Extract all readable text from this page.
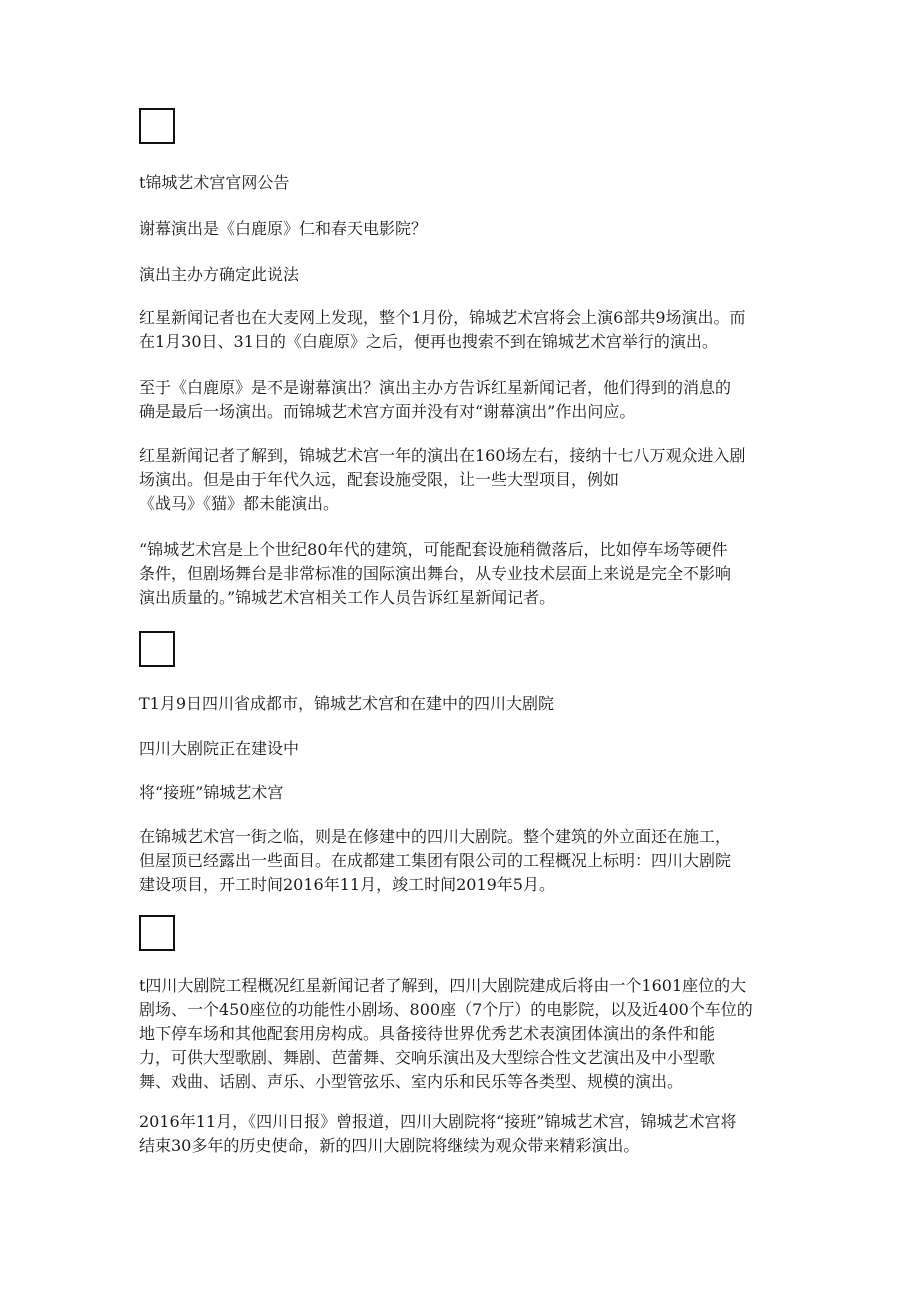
t锦城艺术宫官网公告
谢幕演出是《白鹿原》仁和春天电影院？
演出主办方确定此说法
红星新闻记者也在大麦网上发现，整个1月份，锦城艺术宫将会上演6部共9场演出。而
在1月30日、31日的《白鹿原》之后，便再也搜索不到在锦城艺术宫举行的演出。
至于《白鹿原》是不是谢幕演出？演出主办方告诉红星新闻记者，他们得到的消息的
确是最后一场演出。而锦城艺术宫方面并没有对“谢幕演出”作出问应。
红星新闻记者了解到，锦城艺术宫一年的演出在160场左右，接纳十七八万观众进入剧
场演出。但是由于年代久远，配套设施受限，让一些大型项目，例如
《战马》《猫》都未能演出。
“锦城艺术宫是上个世纪80年代的建筑，可能配套设施稍微落后，比如停车场等硬件
条件，但剧场舞台是非常标准的国际演出舞台，从专业技术层面上来说是完全不影响
演出质量的。”锦城艺术宫相关工作人员告诉红星新闻记者。
T1月9日四川省成都市，锦城艺术宫和在建中的四川大剧院
四川大剧院正在建设中
将“接班”锦城艺术宫
在锦城艺术宫一街之临，则是在修建中的四川大剧院。整个建筑的外立面还在施工，
但屋顶已经露出一些面目。在成都建工集团有限公司的工程概况上标明：四川大剧院
建设项目，开工时间2016年11月，竣工时间2019年5月。
t四川大剧院工程概况红星新闻记者了解到，四川大剧院建成后将由一个1601座位的大
剧场、一个450座位的功能性小剧场、800座（7个厅）的电影院，以及近400个车位的
地下停车场和其他配套用房构成。具备接待世界优秀艺术表演团体演出的条件和能
力，可供大型歌剧、舞剧、芭蕾舞、交响乐演出及大型综合性文艺演出及中小型歌
舞、戏曲、话剧、声乐、小型管弦乐、室内乐和民乐等各类型、规模的演出。
2016年11月，《四川日报》曾报道，四川大剧院将“接班”锦城艺术宫，锦城艺术宫将
结束30多年的历史使命，新的四川大剧院将继续为观众带来精彩演出。
